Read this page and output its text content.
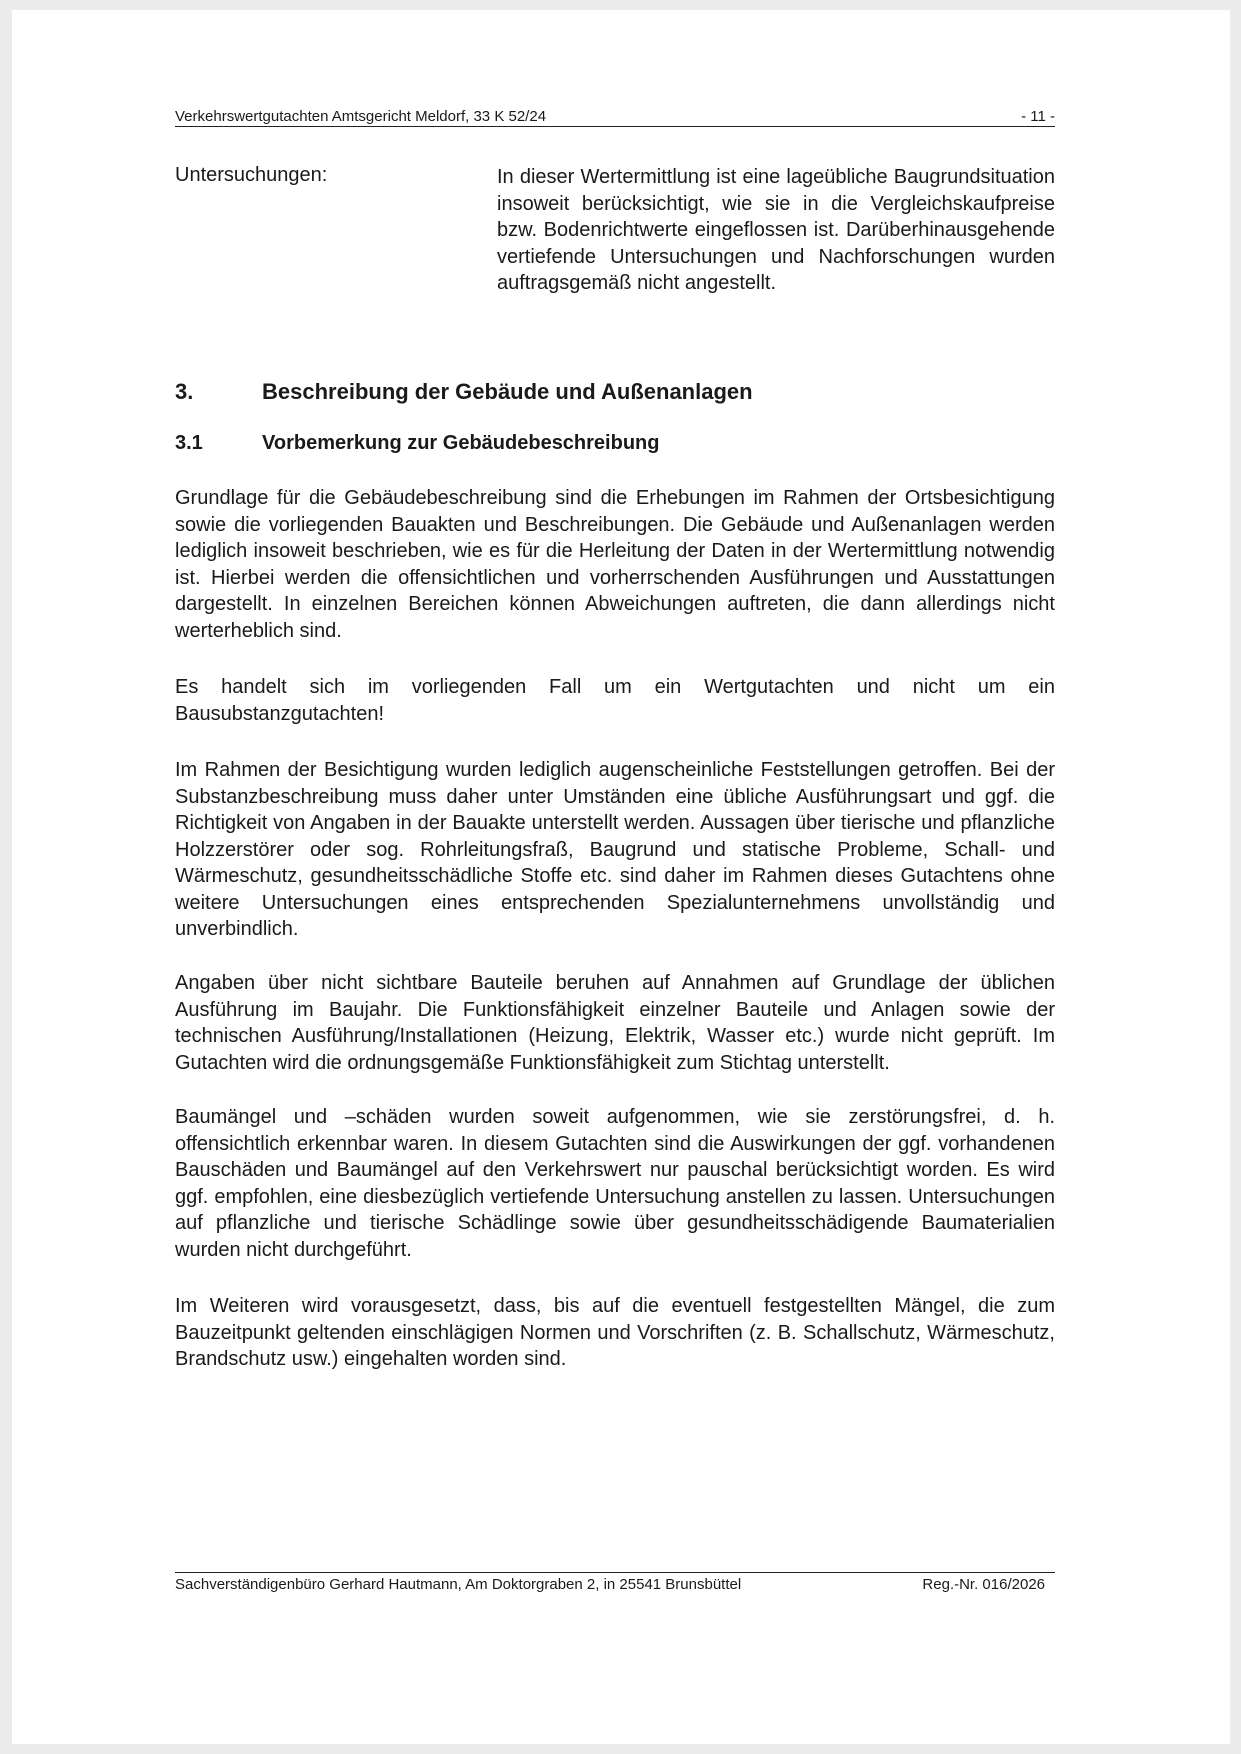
Verkehrswertgutachten Amtsgericht Meldorf, 33 K 52/24	- 11 -
Untersuchungen:	In dieser Wertermittlung ist eine lageübliche Baugrundsituation insoweit berücksichtigt, wie sie in die Vergleichskaufpreise bzw. Bodenrichtwerte eingeflossen ist. Darüberhinausgehende vertiefende Untersuchungen und Nachforschungen wurden auftragsgemäß nicht angestellt.

3.	Beschreibung der Gebäude und Außenanlagen
3.1	Vorbemerkung zur Gebäudebeschreibung

Grundlage für die Gebäudebeschreibung sind die Erhebungen im Rahmen der Ortsbesichtigung sowie die vorliegenden Bauakten und Beschreibungen. Die Gebäude und Außenanlagen werden lediglich insoweit beschrieben, wie es für die Herleitung der Daten in der Wertermittlung notwendig ist. Hierbei werden die offensichtlichen und vorherrschenden Ausführungen und Ausstattungen dargestellt. In einzelnen Bereichen können Abweichungen auftreten, die dann allerdings nicht werterheblich sind.

Es handelt sich im vorliegenden Fall um ein Wertgutachten und nicht um ein Bausubstanzgutachten!

Im Rahmen der Besichtigung wurden lediglich augenscheinliche Feststellungen getroffen. Bei der Substanzbeschreibung muss daher unter Umständen eine übliche Ausführungsart und ggf. die Richtigkeit von Angaben in der Bauakte unterstellt werden. Aussagen über tierische und pflanzliche Holzzerstörer oder sog. Rohrleitungsfraß, Baugrund und statische Probleme, Schall- und Wärmeschutz, gesundheitsschädliche Stoffe etc. sind daher im Rahmen dieses Gutachtens ohne weitere Untersuchungen eines entsprechenden Spezialunternehmens unvollständig und unverbindlich.

Angaben über nicht sichtbare Bauteile beruhen auf Annahmen auf Grundlage der üblichen Ausführung im Baujahr. Die Funktionsfähigkeit einzelner Bauteile und Anlagen sowie der technischen Ausführung/Installationen (Heizung, Elektrik, Wasser etc.) wurde nicht geprüft. Im Gutachten wird die ordnungsgemäße Funktionsfähigkeit zum Stichtag unterstellt.

Baumängel und –schäden wurden soweit aufgenommen, wie sie zerstörungsfrei, d. h. offensichtlich erkennbar waren. In diesem Gutachten sind die Auswirkungen der ggf. vorhandenen Bauschäden und Baumängel auf den Verkehrswert nur pauschal berücksichtigt worden. Es wird ggf. empfohlen, eine diesbezüglich vertiefende Untersuchung anstellen zu lassen. Untersuchungen auf pflanzliche und tierische Schädlinge sowie über gesundheitsschädigende Baumaterialien wurden nicht durchgeführt.

Im Weiteren wird vorausgesetzt, dass, bis auf die eventuell festgestellten Mängel, die zum Bauzeitpunkt geltenden einschlägigen Normen und Vorschriften (z. B. Schallschutz, Wärmeschutz, Brandschutz usw.) eingehalten worden sind.

Sachverständigenbüro Gerhard Hautmann, Am Doktorgraben 2, in 25541 Brunsbüttel	Reg.-Nr. 016/2026
